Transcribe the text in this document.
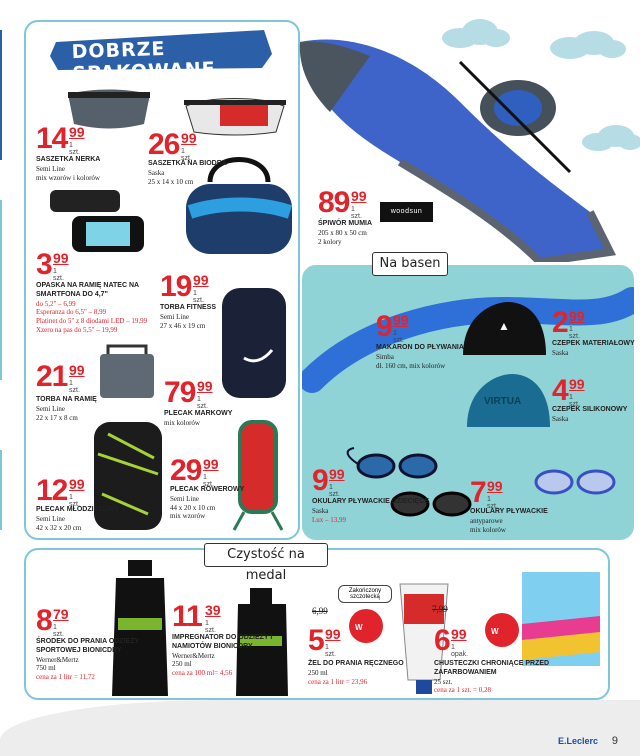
DOBRZE SPAKOWANE
▲
VIRTUA
woodsun
Na basen
Czystość na medal
Zakończony szczotecką
6,99	7,99
W	W
E.Leclerc 9
14 99
1 szt.
SASZETKA NERKA
Semi Line
mix wzorów i kolorów
26 99
1 szt.
SASZETKA NA BIODRA
Saska
25 x 14 x 10 cm
89 99
1 szt.
ŚPIWÓR MUMIA
205 x 80 x 50 cm
2 kolory
3 99
1 szt.
OPASKA NA RAMIĘ NATEC NA SMARTFONA DO 4,7"
do 5,2" – 6,99
Esperanza do 6,5" – 8,99
Platinet do 5" z 8 diodami LED – 19,99
Xzero na pas do 5,5" – 19,99
19 99
1 szt.
TORBA FITNESS
Semi Line
27 x 46 x 19 cm
21 99
1 szt.
TORBA NA RAMIĘ
Semi Line
22 x 17 x 8 cm
79 99
1 szt.
PLECAK MARKOWY
mix kolorów
12 99
1 szt.
PLECAK MŁODZIEŻOWY
Semi Line
42 x 32 x 20 cm
29 99
1 szt.
PLECAK ROWEROWY
Semi Line
44 x 20 x 10 cm
mix wzorów
9 99
1 szt.
MAKARON DO PŁYWANIA
Simba
dł. 160 cm, mix kolorów
2 99
1 szt.
CZEPEK MATERIAŁOWY
Saska
4 99
1 szt.
CZEPEK SILIKONOWY
Saska
9 99
1 szt.
OKULARY PŁYWACKIE DZIECIĘCE
Saska
Lux – 13,99
7 99
1 szt.
OKULARY PŁYWACKIE
antyparowe
mix kolorów
8 79
1 szt.
ŚRODEK DO PRANIA ODZIEŻY SPORTOWEJ BIONICDRY
Werner&Mertz
750 ml
cena za 1 litr = 11,72
11 39
1 szt.
IMPREGNATOR DO ODZIEŻY I NAMIOTÓW BIONICDRY
Werner&Mertz
250 ml
cena za 100 ml= 4,56
5 99
1 szt.
ŻEL DO PRANIA RĘCZNEGO
250 ml
cena za 1 litr = 23,96
6 99
1 opak.
CHUSTECZKI CHRONIĄCE PRZED ZAFARBOWANIEM
25 szt.
cena za 1 szt. = 0,28
